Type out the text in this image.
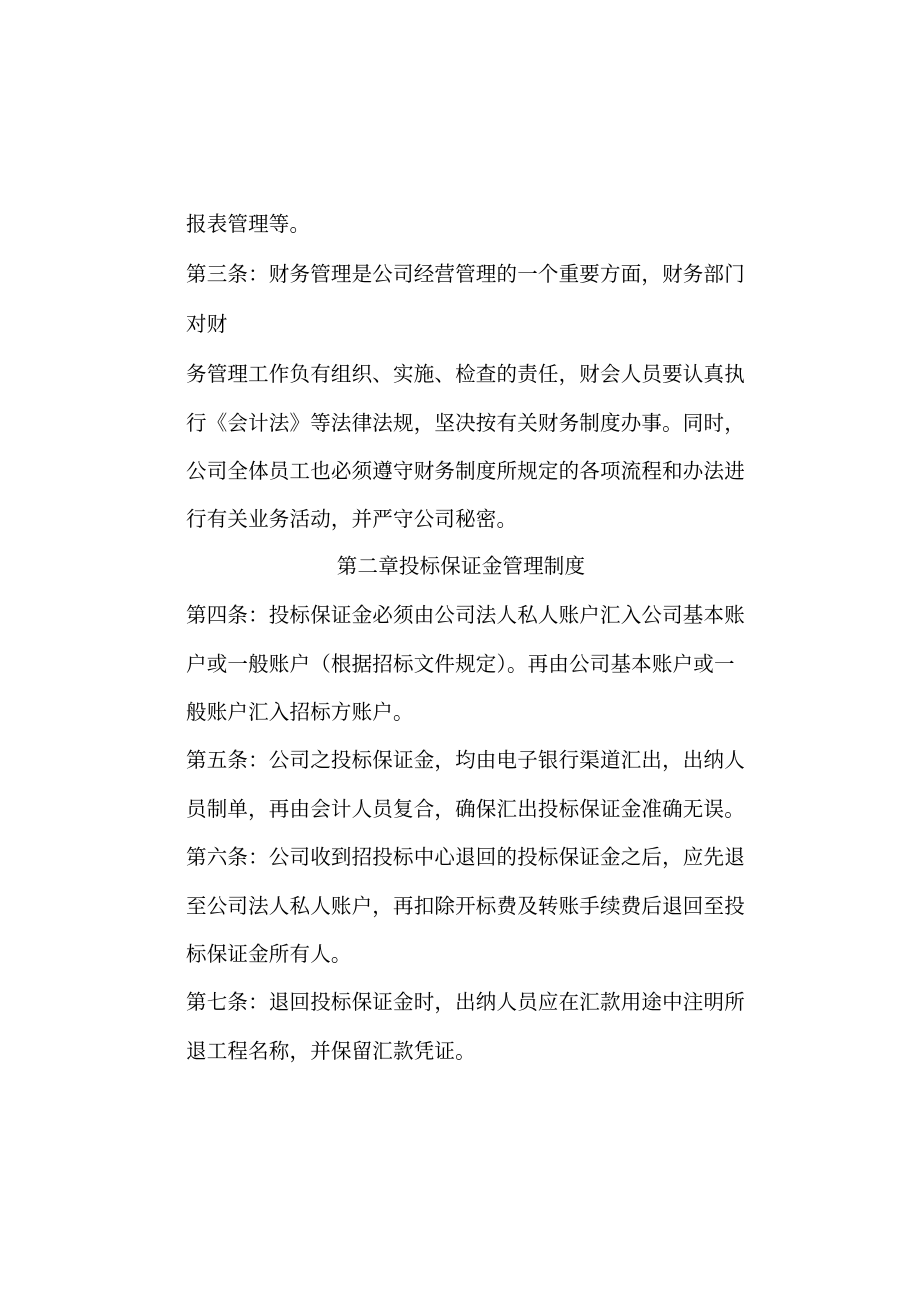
报表管理等。
第三条：财务管理是公司经营管理的一个重要方面，财务部门
对财
务管理工作负有组织、实施、检查的责任，财会人员要认真执
行《会计法》等法律法规，坚决按有关财务制度办事。同时，
公司全体员工也必须遵守财务制度所规定的各项流程和办法进
行有关业务活动，并严守公司秘密。
第二章投标保证金管理制度
第四条：投标保证金必须由公司法人私人账户汇入公司基本账
户或一般账户（根据招标文件规定）。再由公司基本账户或一
般账户汇入招标方账户。
第五条：公司之投标保证金，均由电子银行渠道汇出，出纳人
员制单，再由会计人员复合，确保汇出投标保证金准确无误。
第六条：公司收到招投标中心退回的投标保证金之后，应先退
至公司法人私人账户，再扣除开标费及转账手续费后退回至投
标保证金所有人。
第七条：退回投标保证金时，出纳人员应在汇款用途中注明所
退工程名称，并保留汇款凭证。
